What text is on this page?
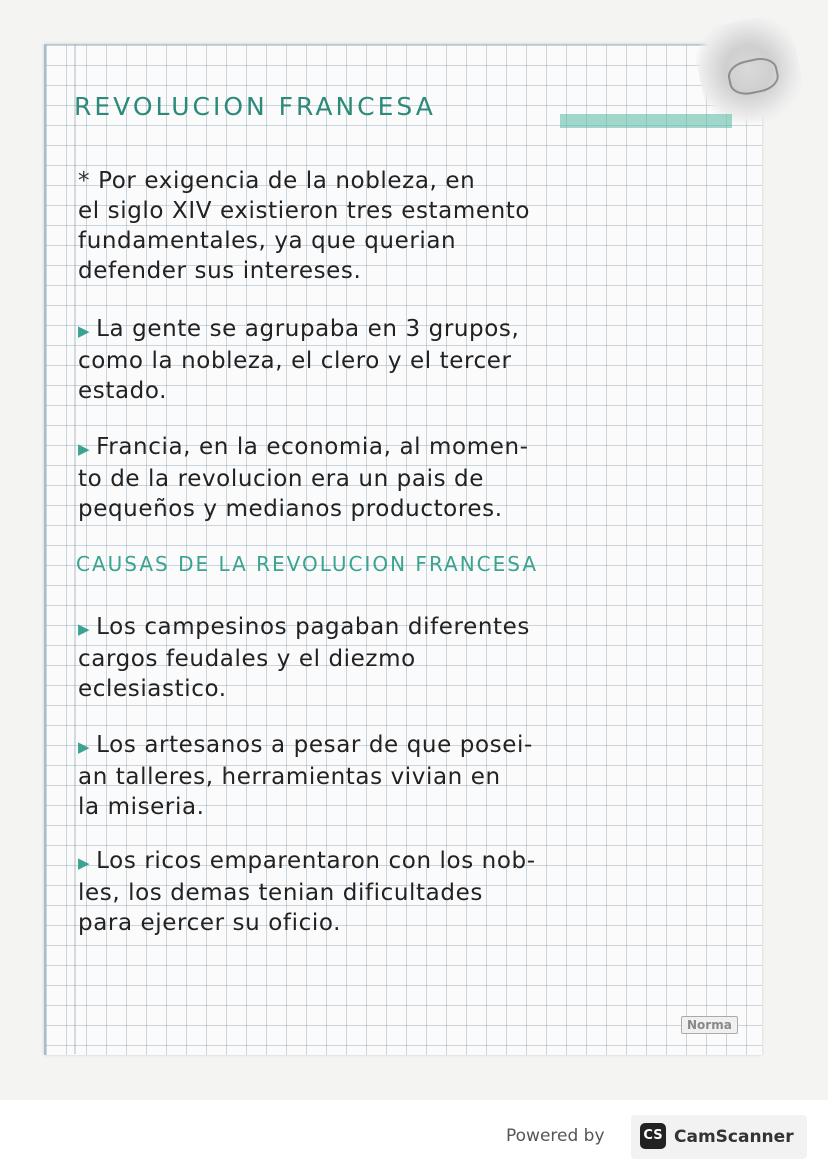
REVOLUCION FRANCESA
* Por exigencia de la nobleza, en
el siglo XIV existieron tres estamento
fundamentales, ya que querian
defender sus intereses.
▶ La gente se agrupaba en 3 grupos,
como la nobleza, el clero y el tercer
estado.
▶ Francia, en la economia, al momen-
to de la revolucion era un pais de
pequeños y medianos productores.
CAUSAS DE LA REVOLUCION FRANCESA
▶ Los campesinos pagaban diferentes
cargos feudales y el diezmo
eclesiastico.
▶ Los artesanos a pesar de que posei-
an talleres, herramientas vivian en
la miseria.
▶ Los ricos emparentaron con los nob-
les, los demas tenian dificultades
para ejercer su oficio.
Norma
Powered by	CS CamScanner
